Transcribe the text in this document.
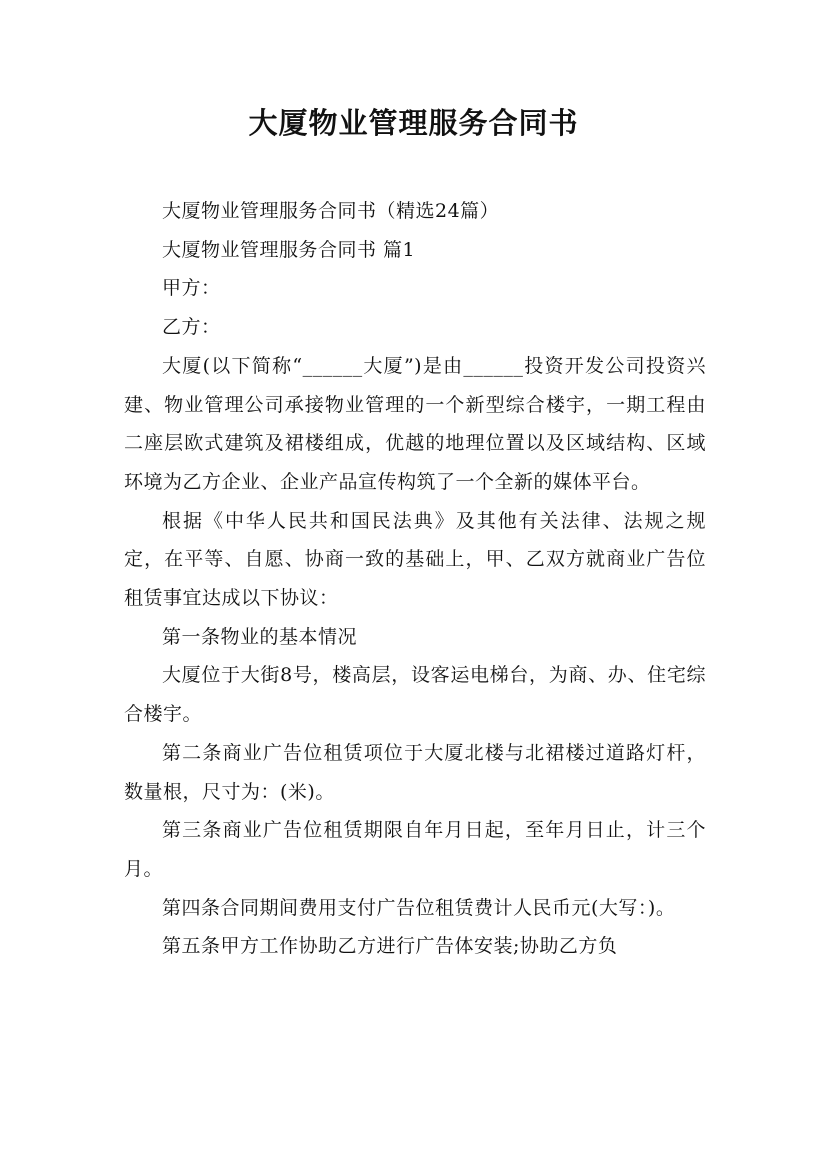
大厦物业管理服务合同书

大厦物业管理服务合同书（精选24篇）

大厦物业管理服务合同书 篇1

甲方：

乙方：

大厦(以下简称“______大厦”)是由______投资开发公司投资兴建、物业管理公司承接物业管理的一个新型综合楼宇，一期工程由二座层欧式建筑及裙楼组成，优越的地理位置以及区域结构、区域环境为乙方企业、企业产品宣传构筑了一个全新的媒体平台。

根据《中华人民共和国民法典》及其他有关法律、法规之规定，在平等、自愿、协商一致的基础上，甲、乙双方就商业广告位租赁事宜达成以下协议：

第一条物业的基本情况

大厦位于大街8号，楼高层，设客运电梯台，为商、办、住宅综合楼宇。

第二条商业广告位租赁项位于大厦北楼与北裙楼过道路灯杆，数量根，尺寸为：(米)。

第三条商业广告位租赁期限自年月日起，至年月日止，计三个月。

第四条合同期间费用支付广告位租赁费计人民币元(大写：)。

第五条甲方工作协助乙方进行广告体安装;协助乙方负
